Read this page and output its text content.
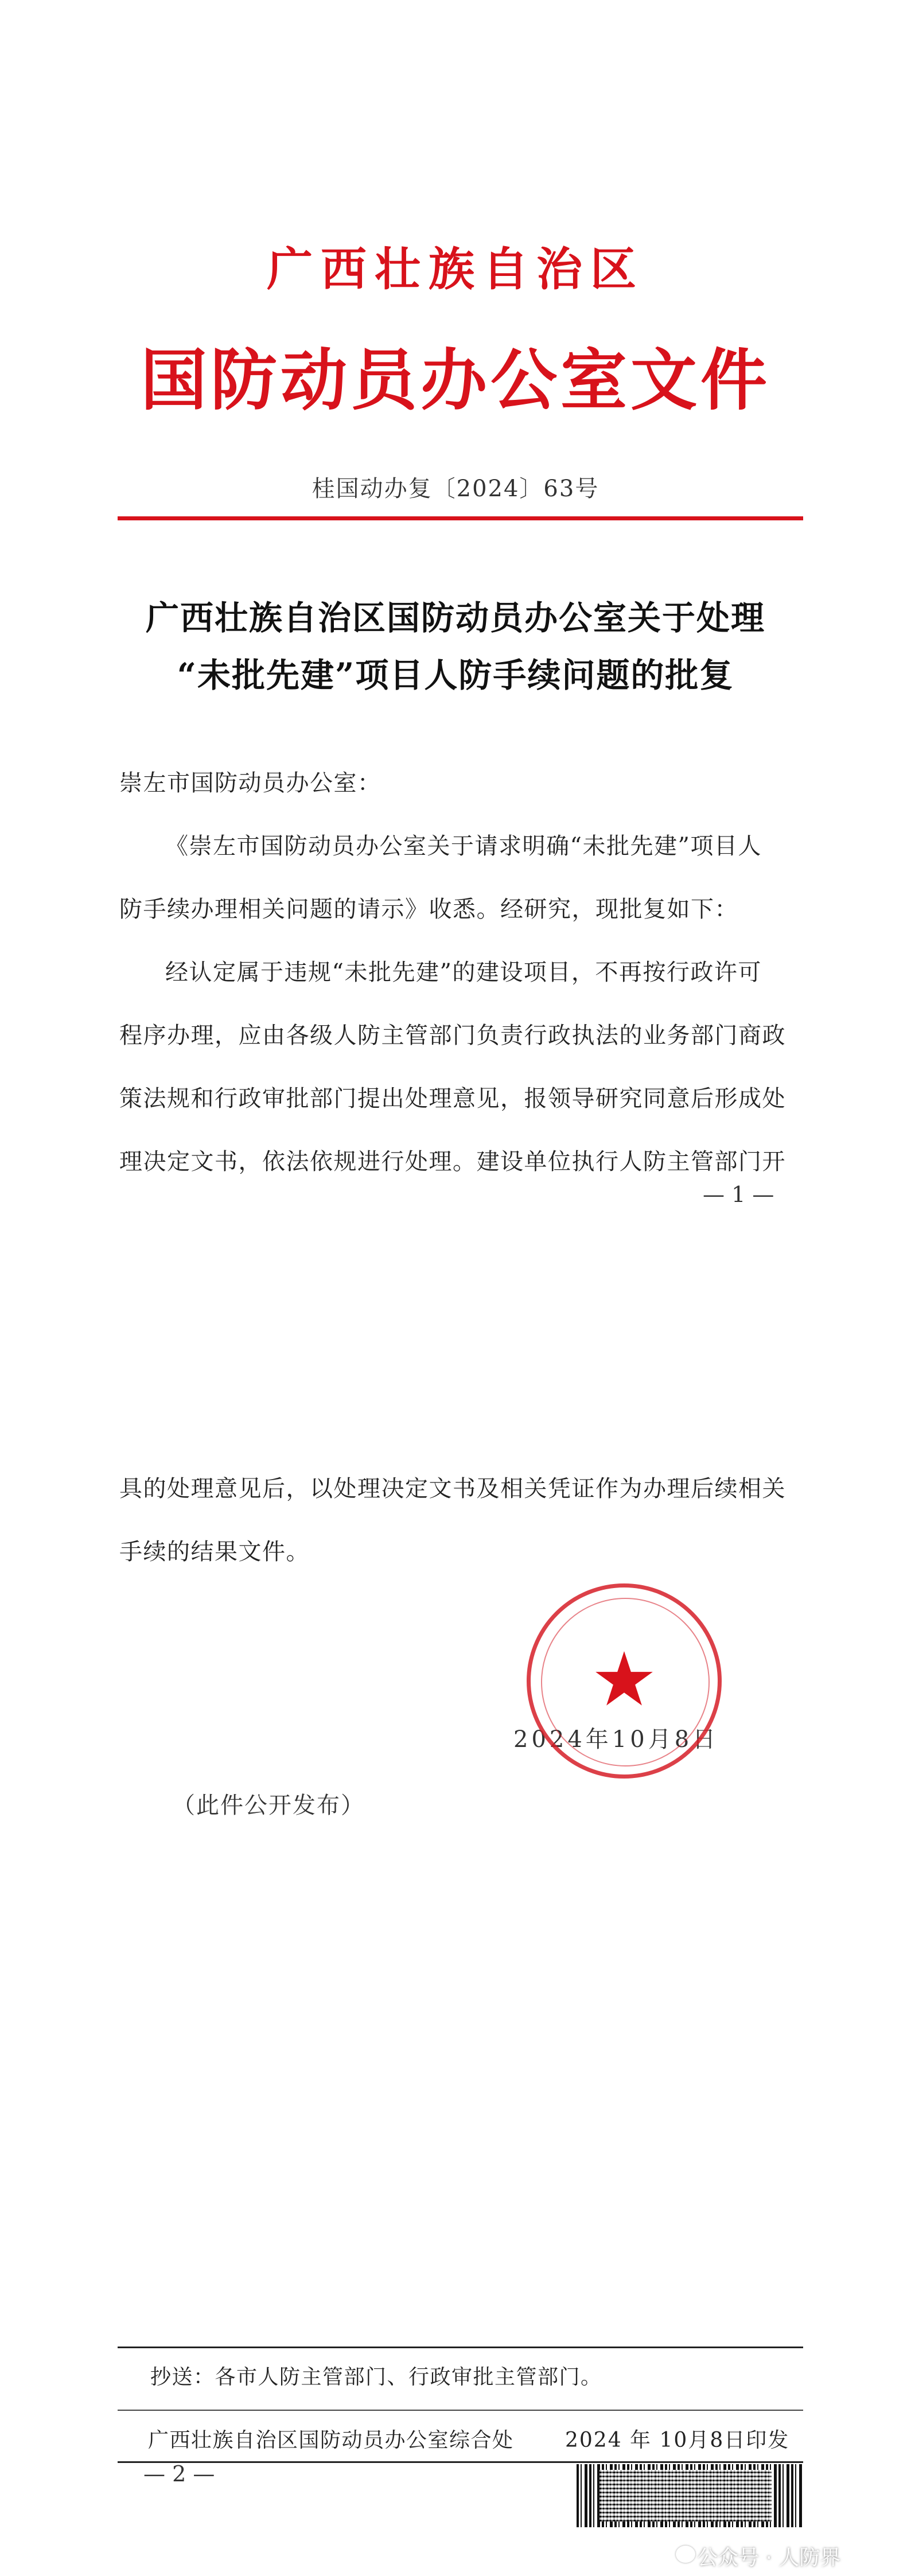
广西壮族自治区
国防动员办公室文件
桂国动办复〔2024〕63号
广西壮族自治区国防动员办公室关于处理
“未批先建”项目人防手续问题的批复
崇左市国防动员办公室：
《崇左市国防动员办公室关于请求明确“未批先建”项目人
防手续办理相关问题的请示》收悉。经研究，现批复如下：
经认定属于违规“未批先建”的建设项目，不再按行政许可
程序办理，应由各级人防主管部门负责行政执法的业务部门商政
策法规和行政审批部门提出处理意见，报领导研究同意后形成处
理决定文书，依法依规进行处理。建设单位执行人防主管部门开
— 1 —
具的处理意见后，以处理决定文书及相关凭证作为办理后续相关
手续的结果文件。
2024年10月8日
★
（此件公开发布）
抄送：各市人防主管部门、行政审批主管部门。
广西壮族自治区国防动员办公室综合处 2024 年 10月8日印发
— 2 —
公众号 · 人防界
